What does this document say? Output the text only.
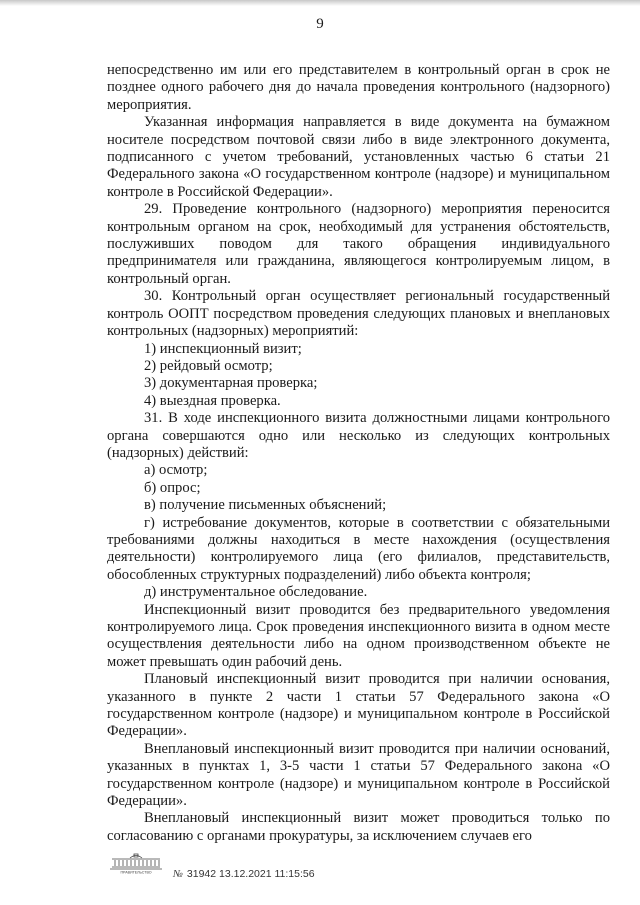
9

непосредственно им или его представителем в контрольный орган в срок не позднее одного рабочего дня до начала проведения контрольного (надзорного) мероприятия.

Указанная информация направляется в виде документа на бумажном носителе посредством почтовой связи либо в виде электронного документа, подписанного с учетом требований, установленных частью 6 статьи 21 Федерального закона «О государственном контроле (надзоре) и муниципальном контроле в Российской Федерации».

29. Проведение контрольного (надзорного) мероприятия переносится контрольным органом на срок, необходимый для устранения обстоятельств, послуживших поводом для такого обращения индивидуального предпринимателя или гражданина, являющегося контролируемым лицом, в контрольный орган.

30. Контрольный орган осуществляет региональный государственный контроль ООПТ посредством проведения следующих плановых и внеплановых контрольных (надзорных) мероприятий:

1) инспекционный визит;

2) рейдовый осмотр;

3) документарная проверка;

4) выездная проверка.

31. В ходе инспекционного визита должностными лицами контрольного органа совершаются одно или несколько из следующих контрольных (надзорных) действий:

а) осмотр;

б) опрос;

в) получение письменных объяснений;

г) истребование документов, которые в соответствии с обязательными требованиями должны находиться в месте нахождения (осуществления деятельности) контролируемого лица (его филиалов, представительств, обособленных структурных подразделений) либо объекта контроля;

д) инструментальное обследование.

Инспекционный визит проводится без предварительного уведомления контролируемого лица. Срок проведения инспекционного визита в одном месте осуществления деятельности либо на одном производственном объекте не может превышать один рабочий день.

Плановый инспекционный визит проводится при наличии основания, указанного в пункте 2 части 1 статьи 57 Федерального закона «О государственном контроле (надзоре) и муниципальном контроле в Российской Федерации».

Внеплановый инспекционный визит проводится при наличии оснований, указанных в пунктах 1, 3-5 части 1 статьи 57 Федерального закона «О государственном контроле (надзоре) и муниципальном контроле в Российской Федерации».

Внеплановый инспекционный визит может проводиться только по согласованию с органами прокуратуры, за исключением случаев его

ПРАВИТЕЛЬСТВО № 31942 13.12.2021 11:15:56
